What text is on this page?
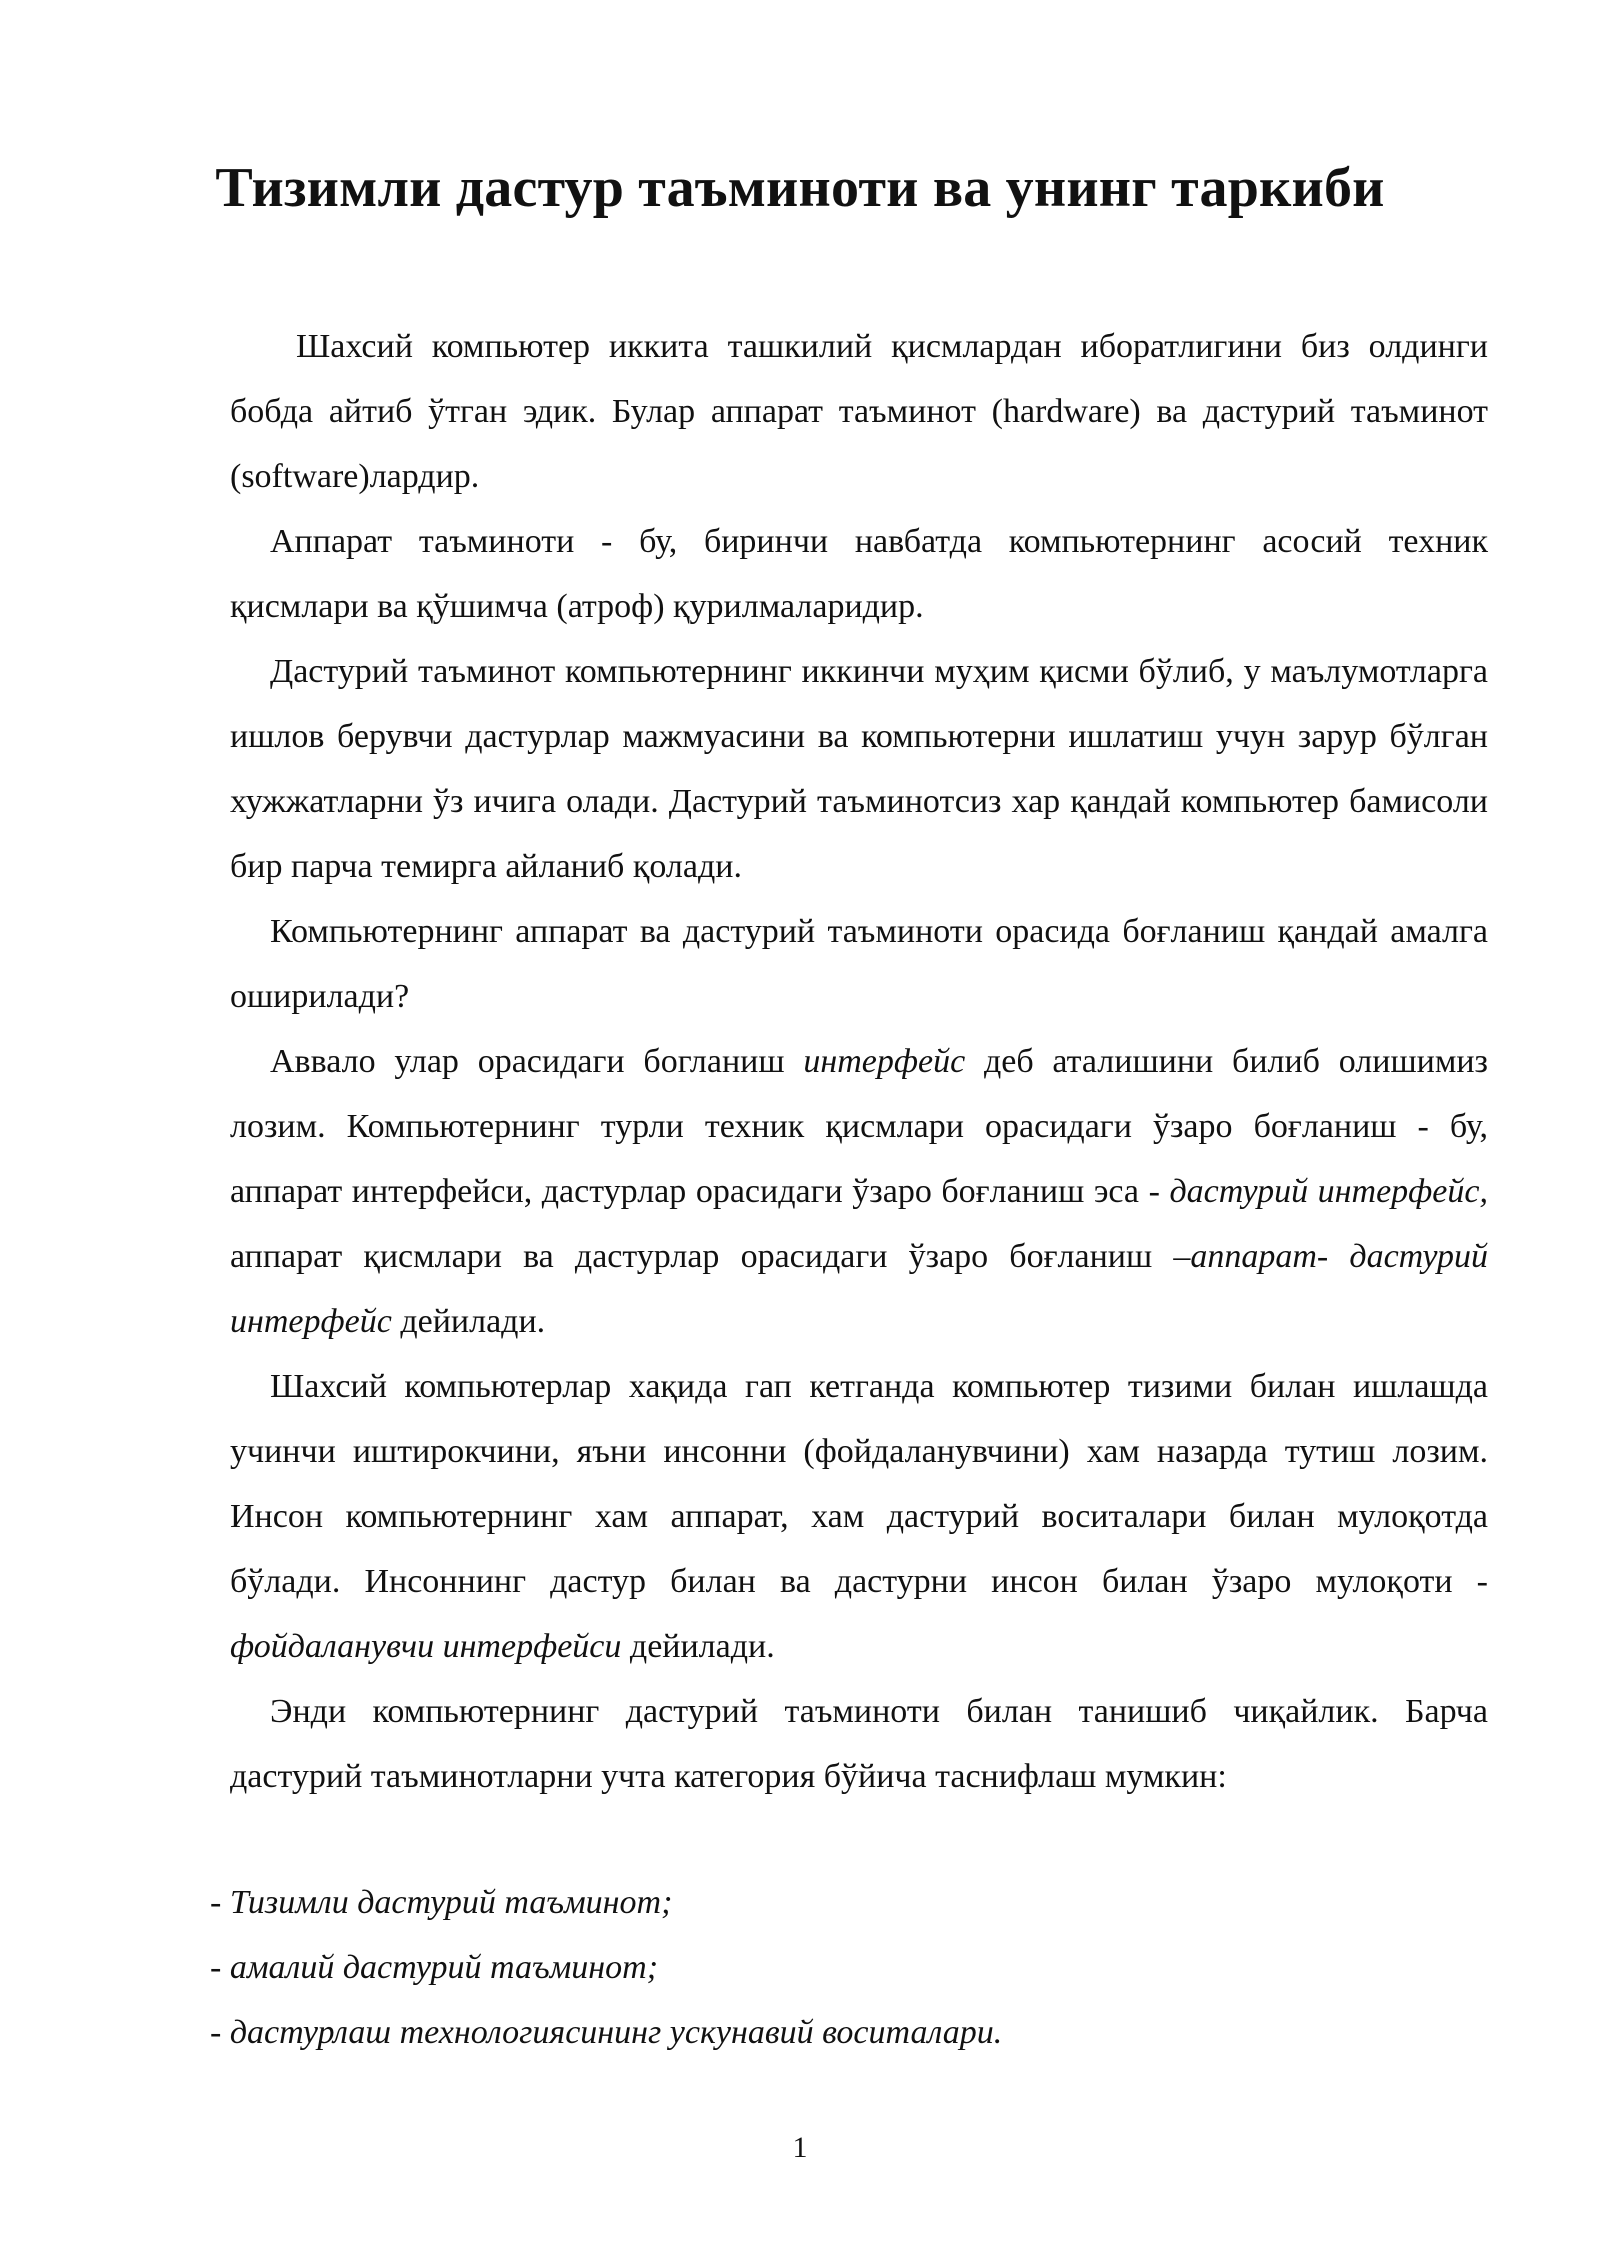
Тизимли дастур таъминоти ва унинг таркиби

Шахсий компьютер иккита ташкилий қисмлардан иборатлигини биз олдинги бобда айтиб ўтган эдик. Булар аппарат таъминот (hardware) ва дастурий таъминот (software)лардир.

Аппарат таъминоти - бу, биринчи навбатда компьютернинг асосий техник қисмлари ва қўшимча (атроф) қурилмаларидир.

Дастурий таъминот компьютернинг иккинчи муҳим қисми бўлиб, у маълумотларга ишлов берувчи дастурлар мажмуасини ва компьютерни ишлатиш учун зарур бўлган хужжатларни ўз ичига олади. Дастурий таъминотсиз хар қандай компьютер бамисоли бир парча темирга айланиб қолади.

Компьютернинг аппарат ва дастурий таъминоти орасида боғланиш қандай амалга оширилади?

Аввало улар орасидаги богланиш интерфейс деб аталишини билиб олишимиз лозим. Компьютернинг турли техник қисмлари орасидаги ўзаро боғланиш - бу, аппарат интерфейси, дастурлар орасидаги ўзаро боғланиш эса - дастурий интерфейс, аппарат қисмлари ва дастурлар орасидаги ўзаро боғланиш –аппарат- дастурий интерфейс дейилади.

Шахсий компьютерлар хақида гап кетганда компьютер тизими билан ишлашда учинчи иштирокчини, яъни инсонни (фойдаланувчини) хам назарда тутиш лозим. Инсон компьютернинг хам аппарат, хам дастурий воситалари билан мулоқотда бўлади. Инсоннинг дастур билан ва дастурни инсон билан ўзаро мулоқоти - фойдаланувчи интерфейси дейилади.

Энди компьютернинг дастурий таъминоти билан танишиб чиқайлик. Барча дастурий таъминотларни учта категория бўйича таснифлаш мумкин:

- Тизимли дастурий таъминот;
- амалий дастурий таъминот;
- дастурлаш технологиясининг ускунавий воситалари.
1
